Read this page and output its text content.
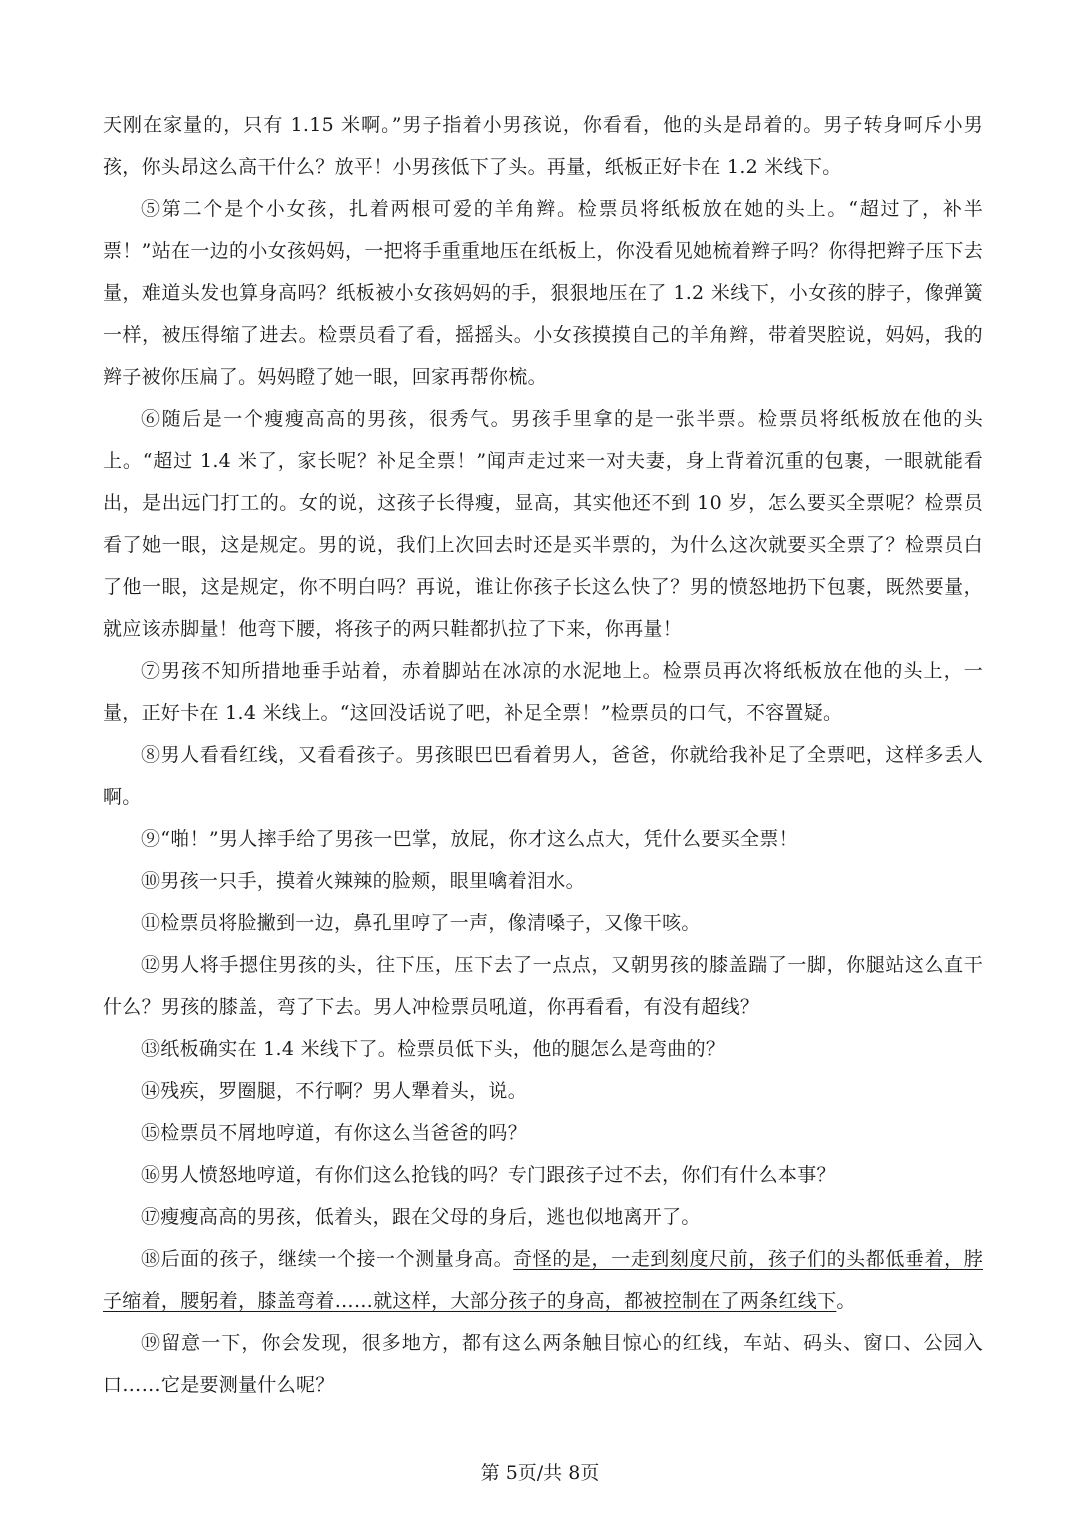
天刚在家量的，只有 1.15 米啊。”男子指着小男孩说，你看看，他的头是昂着的。男子转身呵斥小男孩，你头昂这么高干什么？放平！小男孩低下了头。再量，纸板正好卡在 1.2 米线下。

⑤第二个是个小女孩，扎着两根可爱的羊角辫。检票员将纸板放在她的头上。“超过了，补半票！”站在一边的小女孩妈妈，一把将手重重地压在纸板上，你没看见她梳着辫子吗？你得把辫子压下去量，难道头发也算身高吗？纸板被小女孩妈妈的手，狠狠地压在了 1.2 米线下，小女孩的脖子，像弹簧一样，被压得缩了进去。检票员看了看，摇摇头。小女孩摸摸自己的羊角辫，带着哭腔说，妈妈，我的辫子被你压扁了。妈妈瞪了她一眼，回家再帮你梳。

⑥随后是一个瘦瘦高高的男孩，很秀气。男孩手里拿的是一张半票。检票员将纸板放在他的头上。“超过 1.4 米了，家长呢？补足全票！”闻声走过来一对夫妻，身上背着沉重的包裹，一眼就能看出，是出远门打工的。女的说，这孩子长得瘦，显高，其实他还不到 10 岁，怎么要买全票呢？检票员看了她一眼，这是规定。男的说，我们上次回去时还是买半票的，为什么这次就要买全票了？检票员白了他一眼，这是规定，你不明白吗？再说，谁让你孩子长这么快了？男的愤怒地扔下包裹，既然要量，就应该赤脚量！他弯下腰，将孩子的两只鞋都扒拉了下来，你再量！

⑦男孩不知所措地垂手站着，赤着脚站在冰凉的水泥地上。检票员再次将纸板放在他的头上，一量，正好卡在 1.4 米线上。“这回没话说了吧，补足全票！”检票员的口气，不容置疑。

⑧男人看看红线，又看看孩子。男孩眼巴巴看着男人，爸爸，你就给我补足了全票吧，这样多丢人啊。

⑨“啪！”男人摔手给了男孩一巴掌，放屁，你才这么点大，凭什么要买全票！

⑩男孩一只手，摸着火辣辣的脸颊，眼里噙着泪水。

⑪检票员将脸撇到一边，鼻孔里哼了一声，像清嗓子，又像干咳。

⑫男人将手摁住男孩的头，往下压，压下去了一点点，又朝男孩的膝盖踹了一脚，你腿站这么直干什么？男孩的膝盖，弯了下去。男人冲检票员吼道，你再看看，有没有超线？

⑬纸板确实在 1.4 米线下了。检票员低下头，他的腿怎么是弯曲的？

⑭残疾，罗圈腿，不行啊？男人犟着头，说。

⑮检票员不屑地哼道，有你这么当爸爸的吗？

⑯男人愤怒地哼道，有你们这么抢钱的吗？专门跟孩子过不去，你们有什么本事？

⑰瘦瘦高高的男孩，低着头，跟在父母的身后，逃也似地离开了。

⑱后面的孩子，继续一个接一个测量身高。奇怪的是，一走到刻度尺前，孩子们的头都低垂着，脖子缩着，腰躬着，膝盖弯着……就这样，大部分孩子的身高，都被控制在了两条红线下。

⑲留意一下，你会发现，很多地方，都有这么两条触目惊心的红线，车站、码头、窗口、公园入口……它是要测量什么呢？

第 5页/共 8页
